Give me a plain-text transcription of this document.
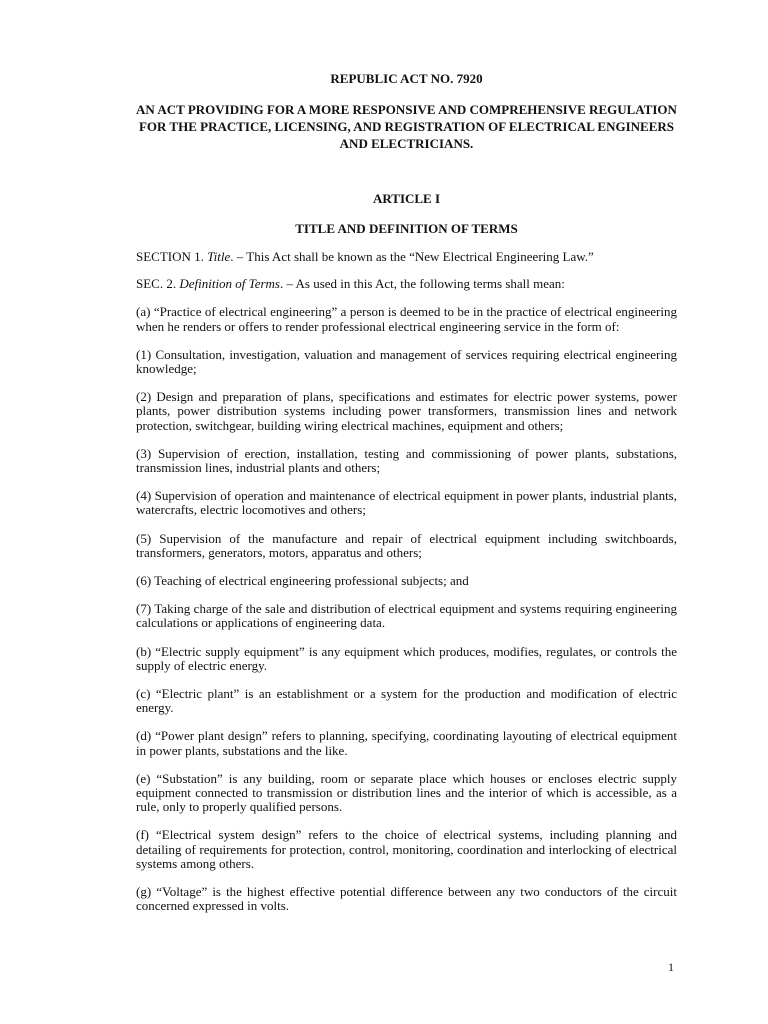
REPUBLIC ACT NO. 7920

AN ACT PROVIDING FOR A MORE RESPONSIVE AND COMPREHENSIVE REGULATION FOR THE PRACTICE, LICENSING, AND REGISTRATION OF ELECTRICAL ENGINEERS AND ELECTRICIANS.

ARTICLE I

TITLE AND DEFINITION OF TERMS

SECTION 1. Title. – This Act shall be known as the “New Electrical Engineering Law.”

SEC. 2. Definition of Terms. – As used in this Act, the following terms shall mean:

(a) “Practice of electrical engineering” a person is deemed to be in the practice of electrical engineering when he renders or offers to render professional electrical engineering service in the form of:

(1) Consultation, investigation, valuation and management of services requiring electrical engineering knowledge;

(2) Design and preparation of plans, specifications and estimates for electric power systems, power plants, power distribution systems including power transformers, transmission lines and network protection, switchgear, building wiring electrical machines, equipment and others;

(3) Supervision of erection, installation, testing and commissioning of power plants, substations, transmission lines, industrial plants and others;

(4) Supervision of operation and maintenance of electrical equipment in power plants, industrial plants, watercrafts, electric locomotives and others;

(5) Supervision of the manufacture and repair of electrical equipment including switchboards, transformers, generators, motors, apparatus and others;

(6) Teaching of electrical engineering professional subjects; and

(7) Taking charge of the sale and distribution of electrical equipment and systems requiring engineering calculations or applications of engineering data.

(b) “Electric supply equipment” is any equipment which produces, modifies, regulates, or controls the supply of electric energy.

(c) “Electric plant” is an establishment or a system for the production and modification of electric energy.

(d) “Power plant design” refers to planning, specifying, coordinating layouting of electrical equipment in power plants, substations and the like.

(e) “Substation” is any building, room or separate place which houses or encloses electric supply equipment connected to transmission or distribution lines and the interior of which is accessible, as a rule, only to properly qualified persons.

(f) “Electrical system design” refers to the choice of electrical systems, including planning and detailing of requirements for protection, control, monitoring, coordination and interlocking of electrical systems among others.

(g) “Voltage” is the highest effective potential difference between any two conductors of the circuit concerned expressed in volts.

1
